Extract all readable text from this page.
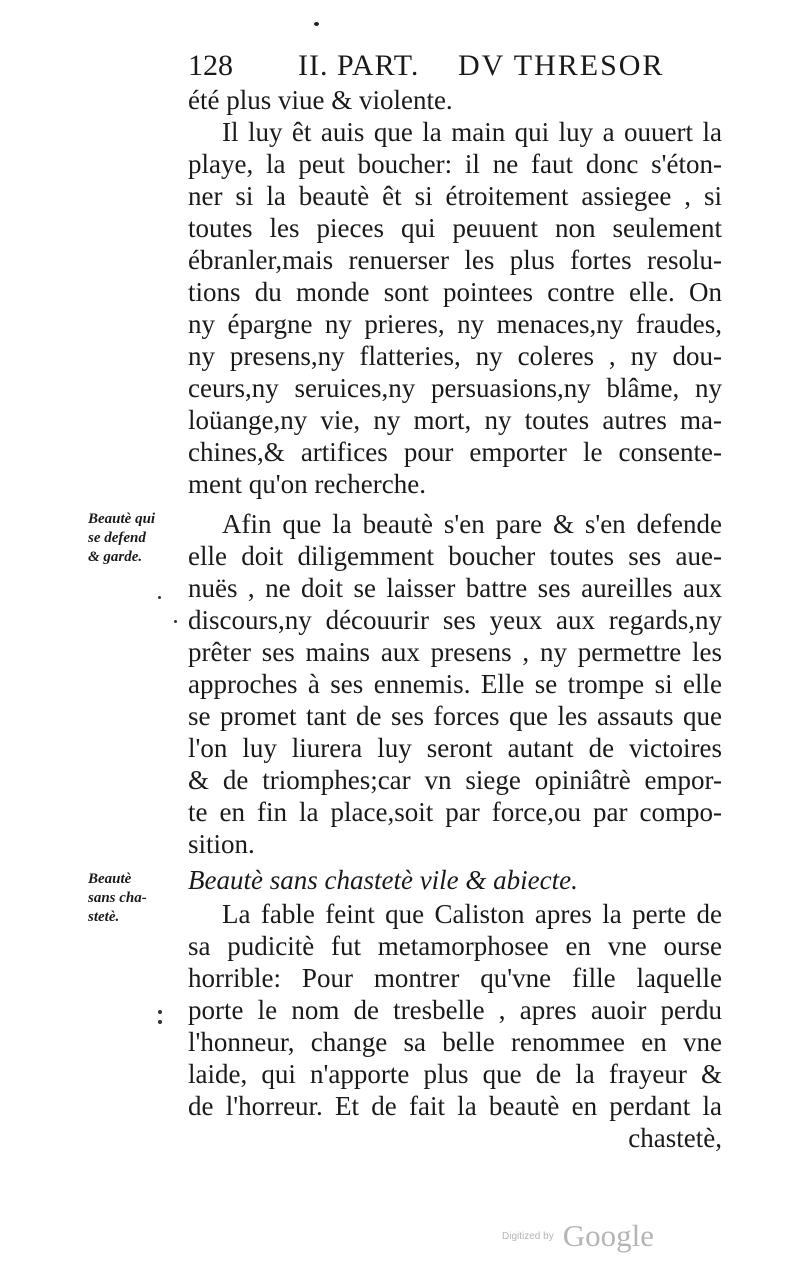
128 II. PART. DV THRESOR
été plus viue & violente.
Il luy êt auis que la main qui luy a ouuert la
playe, la peut boucher: il ne faut donc s'éton-
ner si la beautè êt si étroitement assiegee , si
toutes les pieces qui peuuent non seulement
ébranler,mais renuerser les plus fortes resolu-
tions du monde sont pointees contre elle. On
ny épargne ny prieres, ny menaces,ny fraudes,
ny presens,ny flatteries, ny coleres , ny dou-
ceurs,ny seruices,ny persuasions,ny blâme, ny
loüange,ny vie, ny mort, ny toutes autres ma-
chines,& artifices pour emporter le consente-
ment qu'on recherche.
Beautè qui
se defend
& garde.
Afin que la beautè s'en pare & s'en defende
elle doit diligemment boucher toutes ses aue-
nuës , ne doit se laisser battre ses aureilles aux
discours,ny découurir ses yeux aux regards,ny
prêter ses mains aux presens , ny permettre les
approches à ses ennemis. Elle se trompe si elle
se promet tant de ses forces que les assauts que
l'on luy liurera luy seront autant de victoires
& de triomphes;car vn siege opiniâtrè empor-
te en fin la place,soit par force,ou par compo-
sition.
Beautè
sans cha-
stetè.
Beautè sans chastetè vile & abiecte.
La fable feint que Caliston apres la perte de
sa pudicitè fut metamorphosee en vne ourse
horrible: Pour montrer qu'vne fille laquelle
porte le nom de tresbelle , apres auoir perdu
l'honneur, change sa belle renommee en vne
laide, qui n'apporte plus que de la frayeur &
de l'horreur. Et de fait la beautè en perdant la
chastetè,
Digitized by Google
